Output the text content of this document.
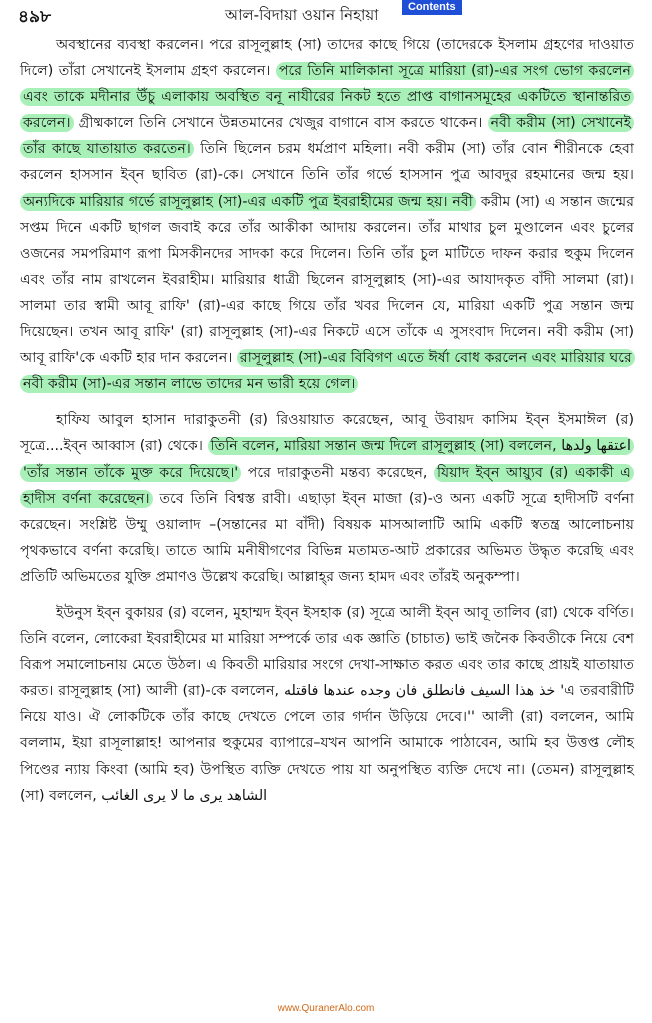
৪৯৮	আল-বিদায়া ওয়ান নিহায়া	Contents

অবস্থানের ব্যবস্থা করলেন। পরে রাসূলুল্লাহ (সা) তাদের কাছে গিয়ে (তাদেরকে ইসলাম গ্রহণের দাওয়াত দিলে) তাঁরা সেখানেই ইসলাম গ্রহণ করলেন। পরে তিনি মালিকানা সূত্রে মারিয়া (রা)-এর সংগ ভোগ করলেন এবং তাকে মদীনার উঁচু এলাকায় অবস্থিত বনূ নাযীরের নিকট হতে প্রাপ্ত বাগানসমূহের একটিতে স্থানান্তরিত করলেন। গ্রীষ্মকালে তিনি সেখানে উন্নতমানের খেজুর বাগানে বাস করতে থাকেন। নবী করীম (সা) সেখানেই তাঁর কাছে যাতায়াত করতেন। তিনি ছিলেন চরম ধর্মপ্রাণ মহিলা। নবী করীম (সা) তাঁর বোন শীরীনকে হেবা করলেন হাসসান ইব্‌ন ছাবিত (রা)-কে। সেখানে তিনি তাঁর গর্ভে হাসসান পুত্র আবদুর রহমানের জন্ম হয়। অন্যদিকে মারিয়ার গর্ভে রাসূলুল্লাহ (সা)-এর একটি পুত্র ইবরাহীমের জন্ম হয়। নবী করীম (সা) এ সন্তান জন্মের সপ্তম দিনে একটি ছাগল জবাই করে তাঁর আকীকা আদায় করলেন। তাঁর মাথার চুল মুণ্ডালেন এবং চুলের ওজনের সমপরিমাণ রূপা মিসকীনদের সাদকা করে দিলেন। তিনি তাঁর চুল মাটিতে দাফন করার হুকুম দিলেন এবং তাঁর নাম রাখলেন ইবরাহীম। মারিয়ার ধাত্রী ছিলেন রাসূলুল্লাহ (সা)-এর আযাদকৃত বাঁদী সালমা (রা)। সালমা তার স্বামী আবূ রাফি' (রা)-এর কাছে গিয়ে তাঁর খবর দিলেন যে, মারিয়া একটি পুত্র সন্তান জন্ম দিয়েছেন। তখন আবূ রাফি' (রা) রাসূলুল্লাহ (সা)-এর নিকটে এসে তাঁকে এ সুসংবাদ দিলেন। নবী করীম (সা) আবূ রাফি'কে একটি হার দান করলেন। রাসূলুল্লাহ (সা)-এর বিবিগণ এতে ঈর্ষা বোধ করলেন এবং মারিয়ার ঘরে নবী করীম (সা)-এর সন্তান লাভে তাদের মন ভারী হয়ে গেল।

হাফিয আবুল হাসান দারাকুতনী (র) রিওয়ায়াত করেছেন, আবূ উবায়দ কাসিম ইব্‌ন ইসমাঈল (র) সূত্রে....ইব্‌ন আব্বাস (রা) থেকে। তিনি বলেন, মারিয়া সন্তান জন্ম দিলে রাসূলুল্লাহ (সা) বললেন, اعتقها ولدها 'তাঁর সন্তান তাঁকে মুক্ত করে দিয়েছে।' পরে দারাকুতনী মন্তব্য করেছেন, যিয়াদ ইব্‌ন আয়্যুব (র) একাকী এ হাদীস বর্ণনা করেছেন। তবে তিনি বিশ্বস্ত রাবী। এছাড়া ইব্‌ন মাজা (র)-ও অন্য একটি সূত্রে হাদীসটি বর্ণনা করেছেন। সংশ্লিষ্ট উম্মু ওয়ালাদ –(সন্তানের মা বাঁদী) বিষয়ক মাসআলাটি আমি একটি স্বতন্ত্র আলোচনায় পৃথকভাবে বর্ণনা করেছি। তাতে আমি মনীষীগণের বিভিন্ন মতামত-আট প্রকারের অভিমত উদ্ধৃত করেছি এবং প্রতিটি অভিমতের যুক্তি প্রমাণও উল্লেখ করেছি। আল্লাহ্‌র জন্য হামদ এবং তাঁরই অনুকম্পা।

ইউনুস ইব্‌ন বুকায়র (র) বলেন, মুহাম্মদ ইব্‌ন ইসহাক (র) সূত্রে আলী ইব্‌ন আবূ তালিব (রা) থেকে বর্ণিত। তিনি বলেন, লোকেরা ইবরাহীমের মা মারিয়া সম্পর্কে তার এক জ্ঞাতি (চাচাত) ভাই জনৈক কিবতীকে নিয়ে বেশ বিরূপ সমালোচনায় মেতে উঠল। এ কিবতী মারিয়ার সংগে দেখা-সাক্ষাত করত এবং তার কাছে প্রায়ই যাতায়াত করত। রাসূলুল্লাহ (সা) আলী (রা)-কে বললেন, خذ هذا السيف فانطلق فان وجده عندها فاقتله 'এ তরবারীটি নিয়ে যাও। ঐ লোকটিকে তাঁর কাছে দেখতে পেলে তার গর্দান উড়িয়ে দেবে।'' আলী (রা) বললেন, আমি বললাম, ইয়া রাসূলাল্লাহ! আপনার হুকুমের ব্যাপারে–যখন আপনি আমাকে পাঠাবেন, আমি হব উত্তপ্ত লৌহ পিণ্ডের ন্যায় কিংবা (আমি হব) উপস্থিত ব্যক্তি দেখতে পায় যা অনুপস্থিত ব্যক্তি দেখে না। (তেমন) রাসূলুল্লাহ (সা) বললেন, الشاهد يرى ما لا يرى الغائب

www.QuranerAlo.com
